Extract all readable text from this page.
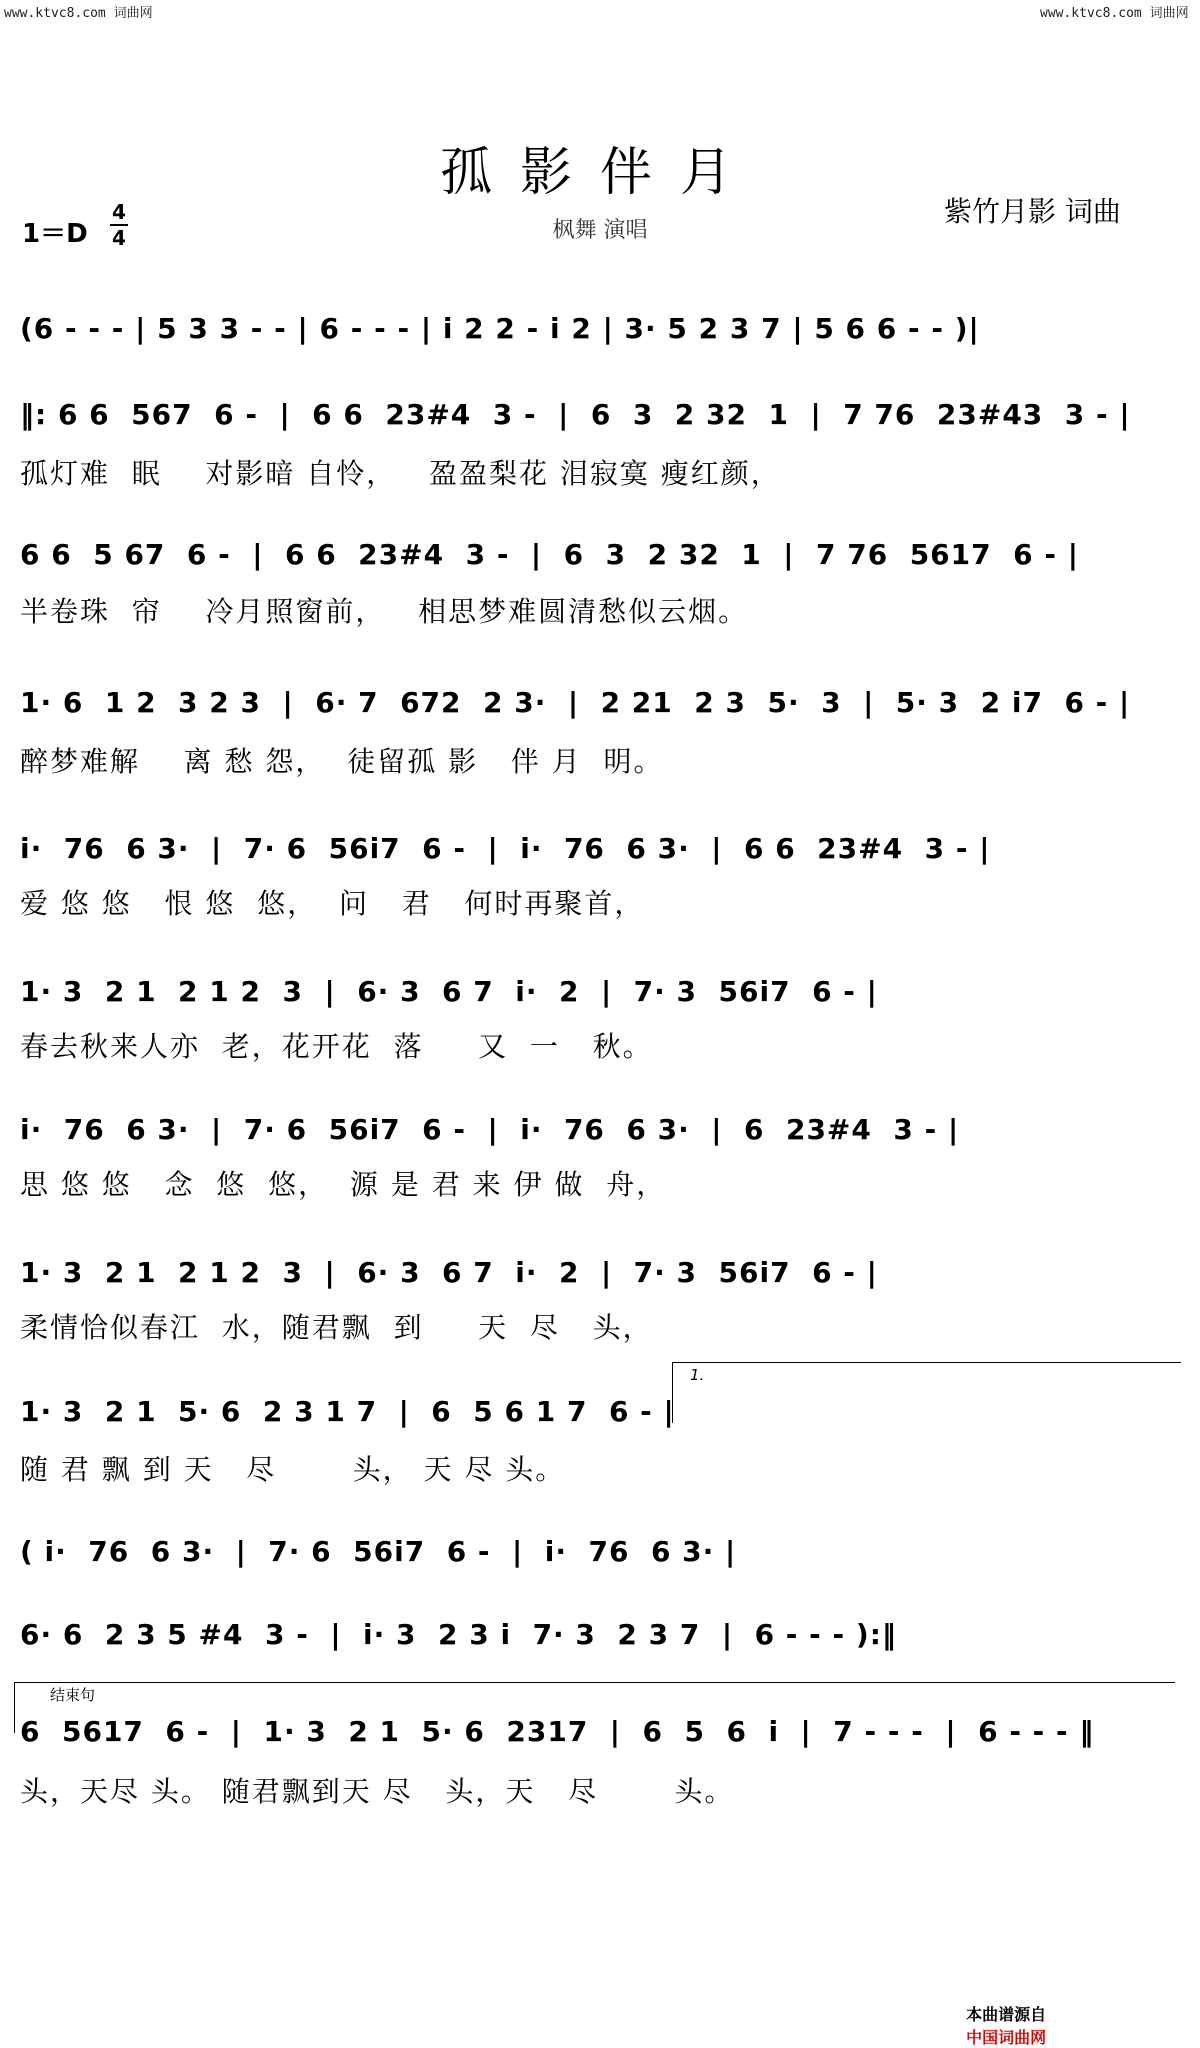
www.ktvc8.com 词曲网	www.ktvc8.com 词曲网
孤影伴月
1＝D
4
4	枫舞 演唱
紫竹月影 词曲
(6 - - - | 5 3 3 - - | 6 - - - | i 2 2 - i 2 | 3· 5 2 3 7 | 5 6 6 - - )|
‖: 6 6  567  6 -  |  6 6  23#4  3 -  |  6  3  2 32  1  |  7 76  23#43  3 - |
孤灯难  眠    对影暗 自怜，   盈盈梨花 泪寂寞 瘦红颜，
6 6  5 67  6 -  |  6 6  23#4  3 -  |  6  3  2 32  1  |  7 76  5617  6 - |
半卷珠  帘    冷月照窗前，   相思梦难圆清愁似云烟。
1· 6  1 2  3 2 3  |  6· 7  672  2 3·  |  2 21  2 3  5·  3  |  5· 3  2 i7  6 - |
醉梦难解    离 愁 怨，  徒留孤 影   伴 月  明。
i·  76  6 3·  |  7· 6  56i7  6 -  |  i·  76  6 3·  |  6 6  23#4  3 - |
爱 悠 悠   恨 悠  悠，  问   君   何时再聚首，
1· 3  2 1  2 1 2  3  |  6· 3  6 7  i·  2  |  7· 3  56i7  6 - |
春去秋来人亦  老，花开花  落     又  一   秋。
i·  76  6 3·  |  7· 6  56i7  6 -  |  i·  76  6 3·  |  6  23#4  3 - |
思 悠 悠   念  悠  悠，  源 是 君 来 伊 做  舟，
1· 3  2 1  2 1 2  3  |  6· 3  6 7  i·  2  |  7· 3  56i7  6 - |
柔情恰似春江  水，随君飘  到     天  尽   头，
1.
1· 3  2 1  5· 6  2 3 1 7  |  6  5 6 1 7  6 - |
随 君 飘 到 天   尽       头， 天 尽 头。
( i·  76  6 3·  |  7· 6  56i7  6 -  |  i·  76  6 3· |
6· 6  2 3 5 #4  3 -  |  i· 3  2 3 i  7· 3  2 3 7  |  6 - - - ):‖
结束句
6  5617  6 -  |  1· 3  2 1  5· 6  2317  |  6  5  6  i  |  7 - - -  |  6 - - - ‖
头，天尽 头。 随君飘到天 尽   头，天   尽       头。

本曲谱源自
中国词曲网
